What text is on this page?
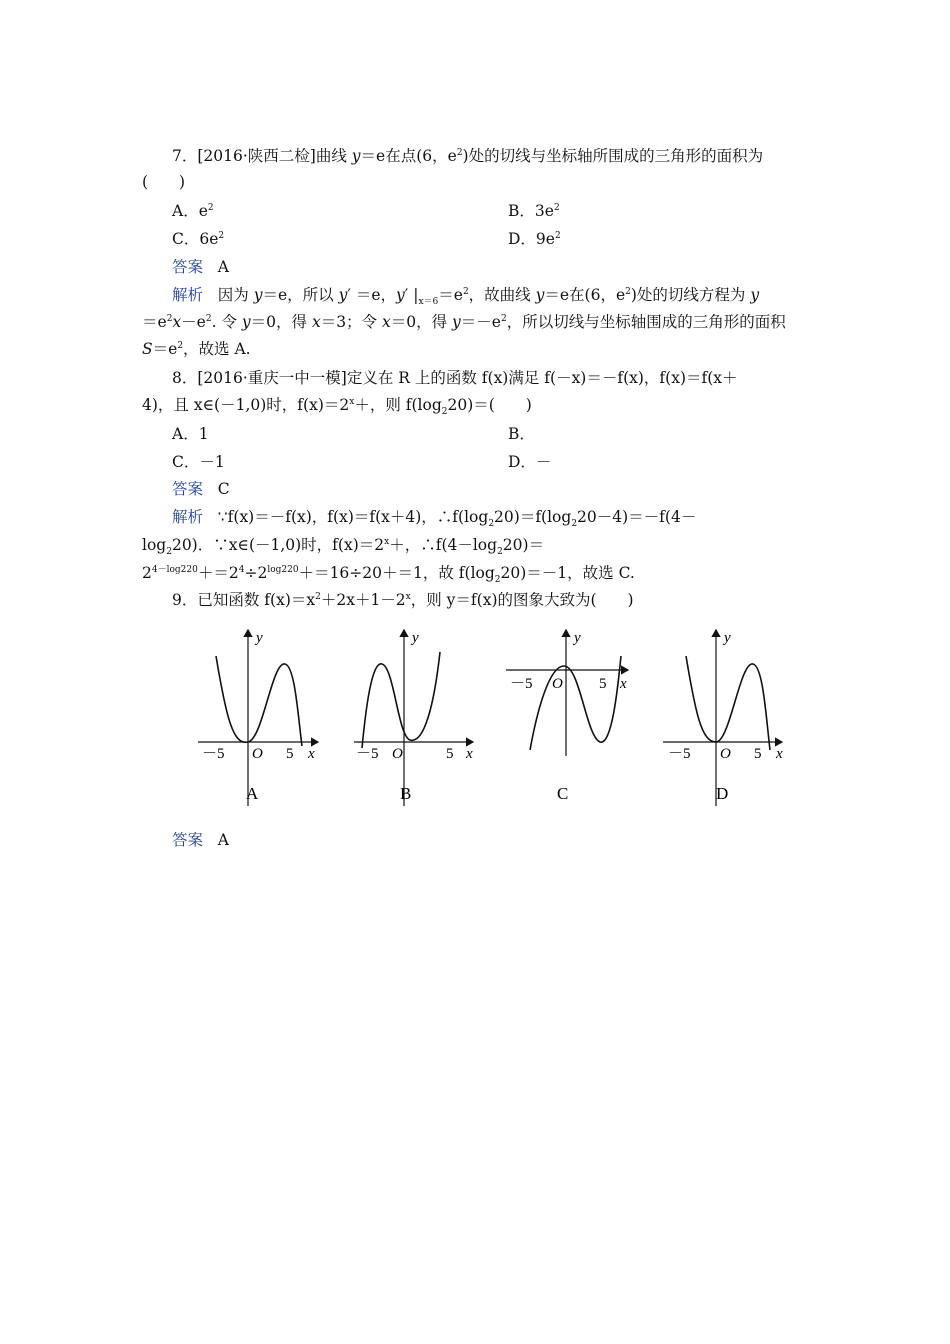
7．[2016·陕西二检]曲线 y＝e在点(6，$e^2$)处的切线与坐标轴所围成的三角形的面积为
(　　)
A．$e^2$	B．$3e^2$
C．$6e^2$	D．$9e^2$
答案 A
解析 因为 y＝e，所以 y′ ＝e，y′ $|_{x=6}=e^2$，故曲线 y＝e在(6，$e^2$)处的切线方程为 y
$=e^2x-e^2$. 令 y＝0，得 x＝3；令 x＝0，得 $y=-e^2$，所以切线与坐标轴围成的三角形的面积
$S=e^2$，故选 A.
8．[2016·重庆一中一模]定义在 R 上的函数 f(x)满足 f(－x)＝－f(x)，f(x)＝f(x＋
4)，且 x∈(－1,0)时，$f(x)=2^x+$，则 $f(\log_220)=$(　　)
A．1	B．
C．－1	D．－
答案 C
解析 ∵f(x)＝－f(x)，f(x)＝f(x＋4)，$\therefore f(\log_220)=f(\log_220-4)=-f(4-$
$\log_220$)．∵x∈(－1,0)时，$f(x)=2^x+$，$\therefore f(4-\log_220)=$
$2^{4-log220}+=2^4\div 2^{log220}+=16\div 20+=1$，故 $f(\log_220)=-1$，故选 C.
9．已知函数 $f(x)=x^2+2x+1-2^x$，则 y＝f(x)的图象大致为(　　)
－5	5
O	x
y
A
－5	5
O	x
y
B
－5	5
O	x
y
C
－5	5
O	x
y
D
答案 A
